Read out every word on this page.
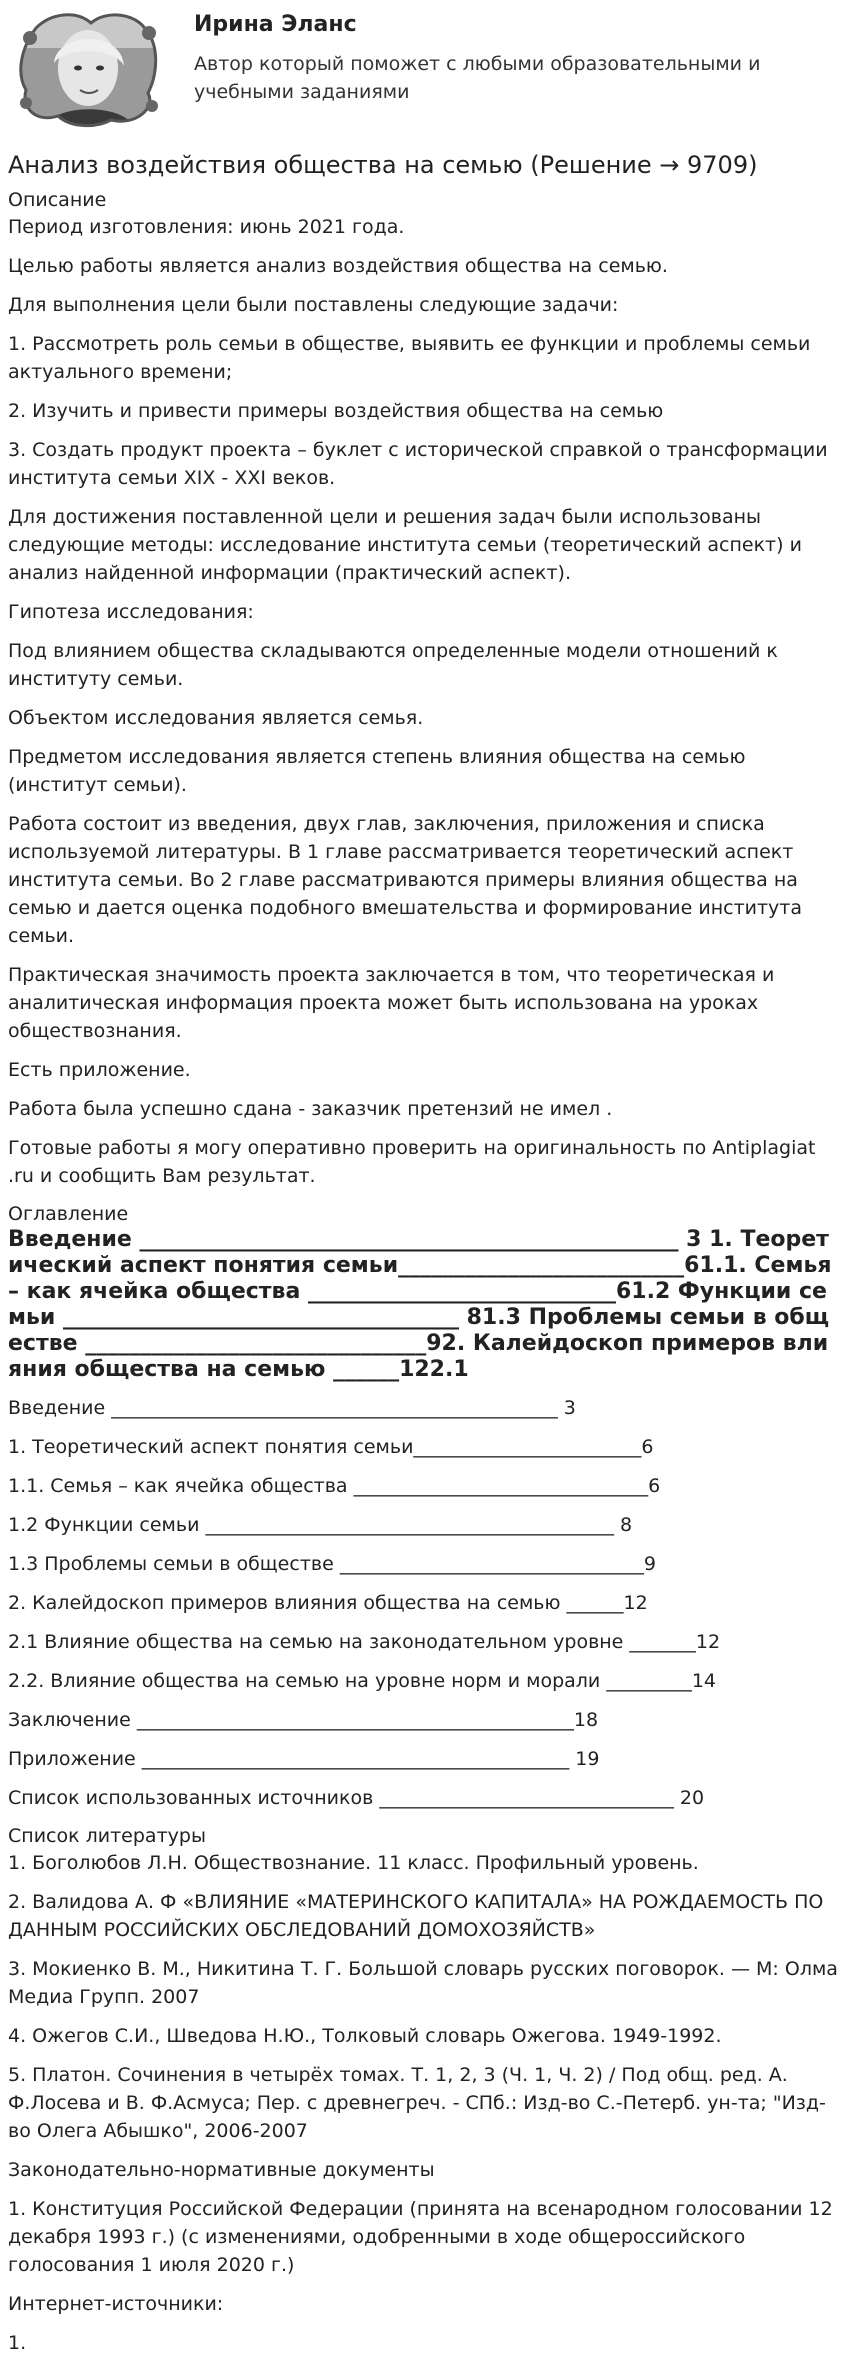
Ирина Эланс

Автор который поможет с любыми образовательными и учебными заданиями

Анализ воздействия общества на семью (Решение → 9709)
Описание

Период изготовления: июнь 2021 года.

Целью работы является анализ воздействия общества на семью.

Для выполнения цели были поставлены следующие задачи:

1. Рассмотреть роль семьи в обществе, выявить ее функции и проблемы семьи актуального времени;

2. Изучить и привести примеры воздействия общества на семью

3. Создать продукт проекта – буклет с исторической справкой о трансформации института семьи XIX - XXI веков.

Для достижения поставленной цели и решения задач были использованы следующие методы: исследование института семьи (теоретический аспект) и анализ найденной информации (практический аспект).

Гипотеза исследования:

Под влиянием общества складываются определенные модели отношений к институту семьи.

Объектом исследования является семья.

Предметом исследования является степень влияния общества на семью (институт семьи).

Работа состоит из введения, двух глав, заключения, приложения и списка используемой литературы. В 1 главе рассматривается теоретический аспект института семьи. Во 2 главе рассматриваются примеры влияния общества на семью и дается оценка подобного вмешательства и формирование института семьи.

Практическая значимость проекта заключается в том, что теоретическая и аналитическая информация проекта может быть использована на уроках обществознания.

Есть приложение.

Работа была успешно сдана - заказчик претензий не имел .

Готовые работы я могу оперативно проверить на оригинальность по Antiplagiat .ru и сообщить Вам результат.

Оглавление
Введение _________________________________________________ 3 1. Теоретический аспект понятия семьи__________________________61.1. Семья – как ячейка общества ____________________________61.2 Функции семьи ____________________________________ 81.3 Проблемы семьи в обществе _______________________________92. Калейдоскоп примеров влияния общества на семью ______122.1
Введение _______________________________________________ 3
1. Теоретический аспект понятия семьи________________________6
1.1. Семья – как ячейка общества _______________________________6
1.2 Функции семьи ___________________________________________ 8
1.3 Проблемы семьи в обществе ________________________________9
2. Калейдоскоп примеров влияния общества на семью ______12
2.1 Влияние общества на семью на законодательном уровне _______12
2.2. Влияние общества на семью на уровне норм и морали _________14
Заключение ______________________________________________18
Приложение _____________________________________________ 19
Список использованных источников _______________________________ 20
Список литературы

1. Боголюбов Л.Н. Обществознание. 11 класс. Профильный уровень.

2. Валидова А. Ф «ВЛИЯНИЕ «МАТЕРИНСКОГО КАПИТАЛА» НА РОЖДАЕМОСТЬ ПО ДАННЫМ РОССИЙСКИХ ОБСЛЕДОВАНИЙ ДОМОХОЗЯЙСТВ»

3. Мокиенко В. М., Никитина Т. Г. Большой словарь русских поговорок. — М: Олма Медиа Групп. 2007

4. Ожегов С.И., Шведова Н.Ю., Толковый словарь Ожегова. 1949-1992.

5. Платон. Сочинения в четырёх томах. Т. 1, 2, 3 (Ч. 1, Ч. 2) / Под общ. ред. А. Ф.Лосева и В. Ф.Асмуса; Пер. с древнегреч. - СПб.: Изд-во С.-Петерб. ун-та; "Изд-во Олега Абышко", 2006-2007

Законодательно-нормативные документы

1. Конституция Российской Федерации (принята на всенародном голосовании 12 декабря 1993 г.) (с изменениями, одобренными в ходе общероссийского голосования 1 июля 2020 г.)

Интернет-источники:

1.
